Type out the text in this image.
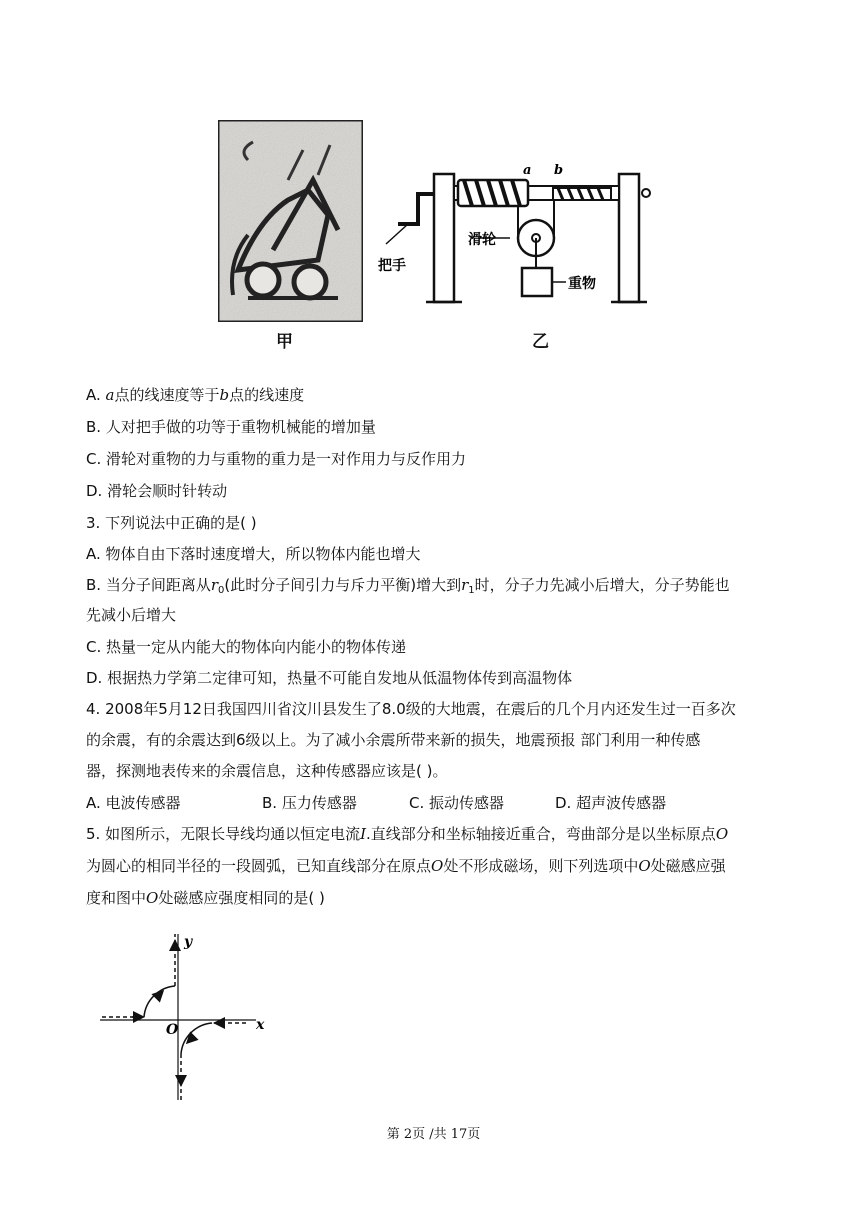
甲
a b
滑轮
把手
重物
乙
A. a点的线速度等于b点的线速度
B. 人对把手做的功等于重物机械能的增加量
C. 滑轮对重物的力与重物的重力是一对作用力与反作用力
D. 滑轮会顺时针转动
3. 下列说法中正确的是( )
A. 物体自由下落时速度增大，所以物体内能也增大
B. 当分子间距离从$r_0$(此时分子间引力与斥力平衡)增大到$r_1$时，分子力先减小后增大，分子势能也
先减小后增大
C. 热量一定从内能大的物体向内能小的物体传递
D. 根据热力学第二定律可知，热量不可能自发地从低温物体传到高温物体
4. 2008年5月12日我国四川省汶川县发生了8.0级的大地震，在震后的几个月内还发生过一百多次
的余震，有的余震达到6级以上。为了减小余震所带来新的损失，地震预报 部门利用一种传感
器，探测地表传来的余震信息，这种传感器应该是( )。
A. 电波传感器	B. 压力传感器	C. 振动传感器	D. 超声波传感器
5. 如图所示，无限长导线均通以恒定电流I.直线部分和坐标轴接近重合，弯曲部分是以坐标原点O
为圆心的相同半径的一段圆弧，已知直线部分在原点O处不形成磁场，则下列选项中O处磁感应强
度和图中O处磁感应强度相同的是( )
y
x
O
第 2页 /共 17页
